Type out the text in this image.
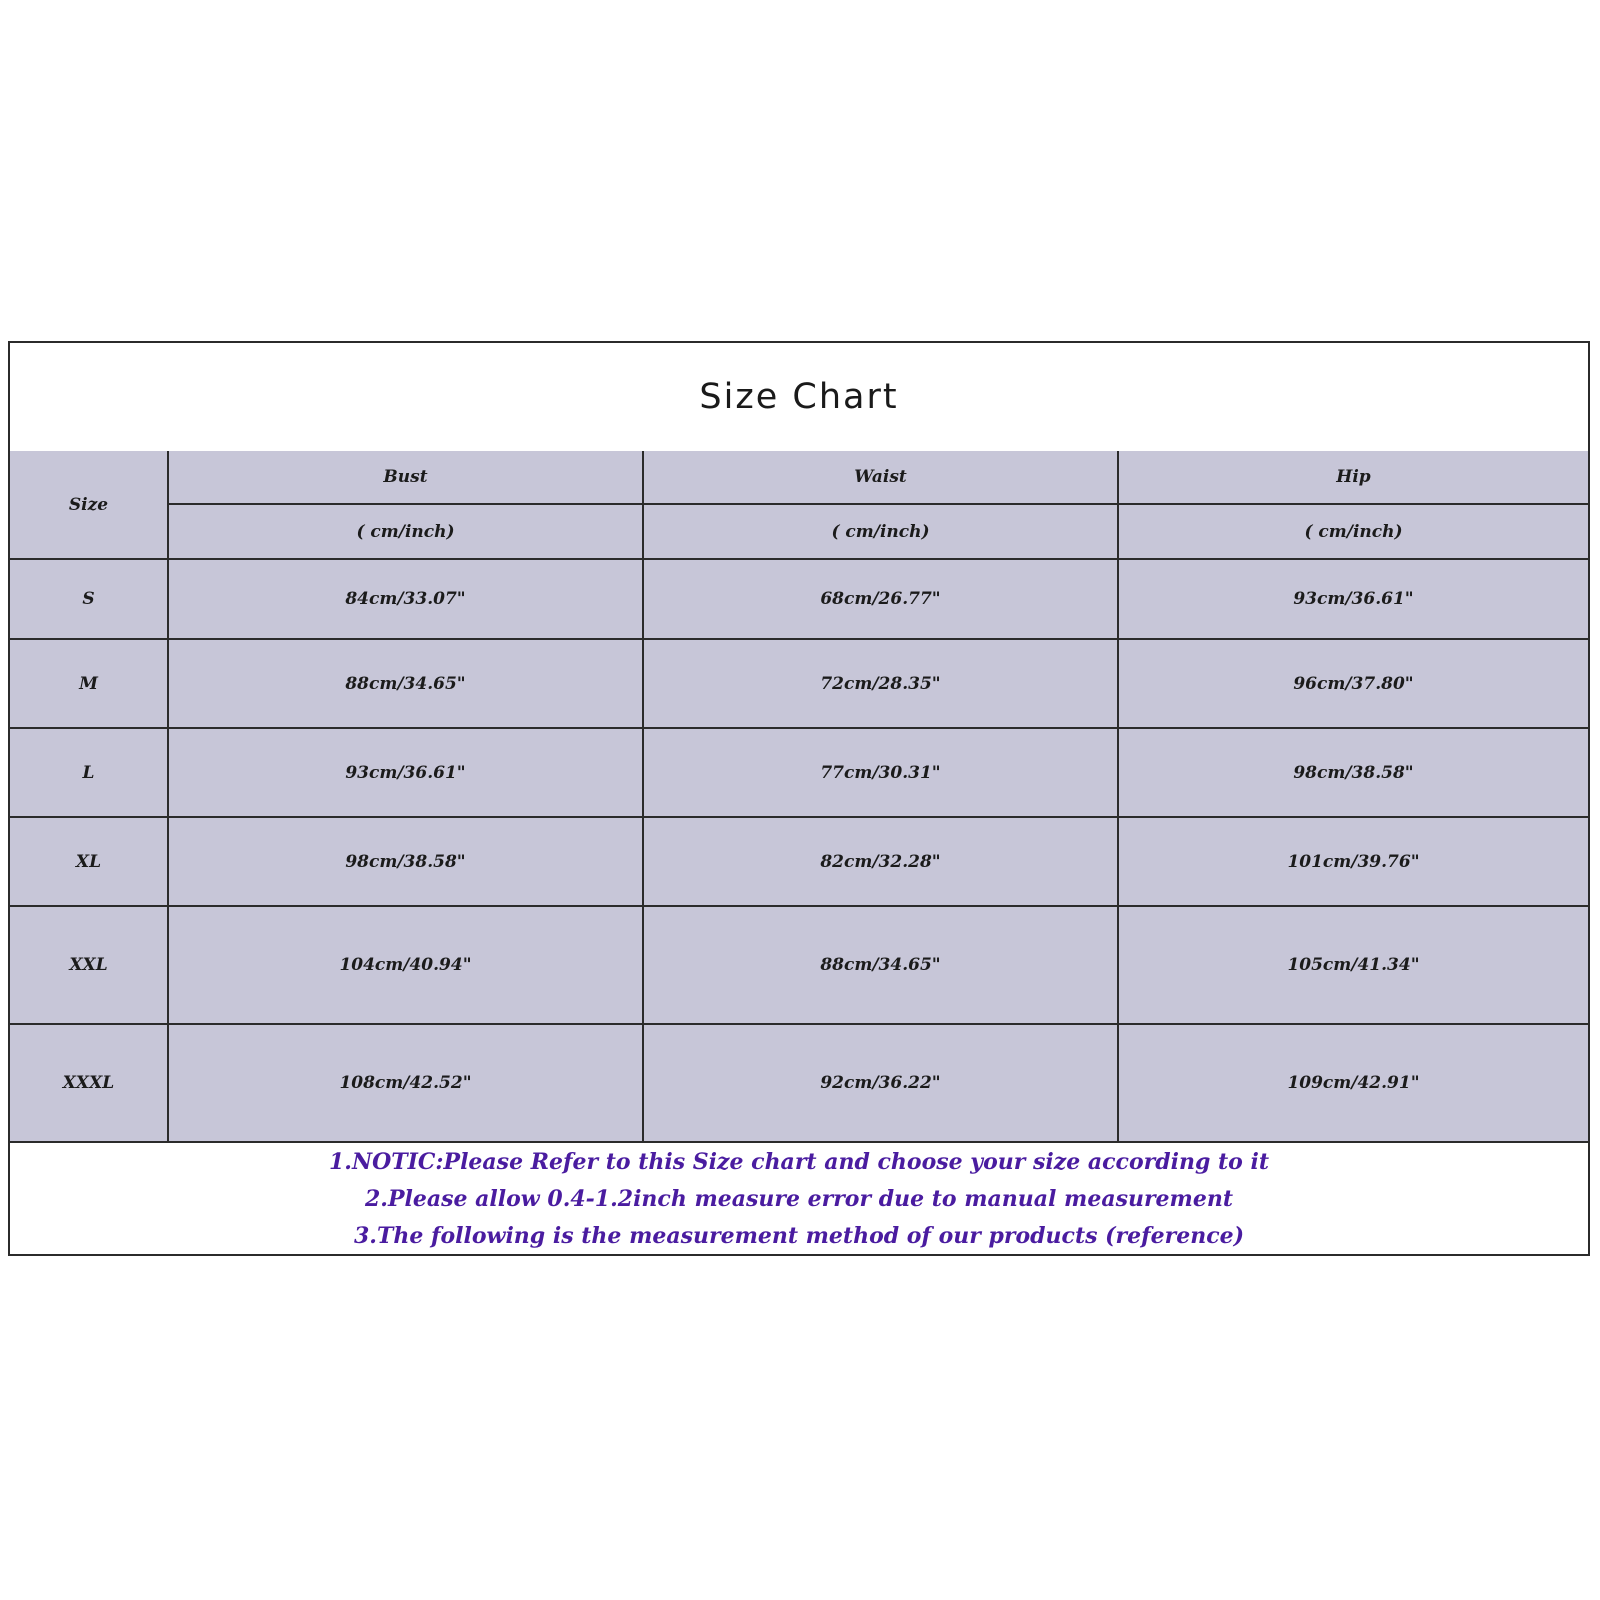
Size Chart
Size	Bust	Waist	Hip
	( cm/inch)	( cm/inch)	( cm/inch)
S	84cm/33.07"	68cm/26.77"	93cm/36.61"
M	88cm/34.65"	72cm/28.35"	96cm/37.80"
L	93cm/36.61"	77cm/30.31"	98cm/38.58"
XL	98cm/38.58"	82cm/32.28"	101cm/39.76"
XXL	104cm/40.94"	88cm/34.65"	105cm/41.34"
XXXL	108cm/42.52"	92cm/36.22"	109cm/42.91"
1.NOTIC:Please Refer to this Size chart and choose your size according to it
2.Please allow 0.4-1.2inch measure error due to manual measurement
3.The following is the measurement method of our products (reference)
